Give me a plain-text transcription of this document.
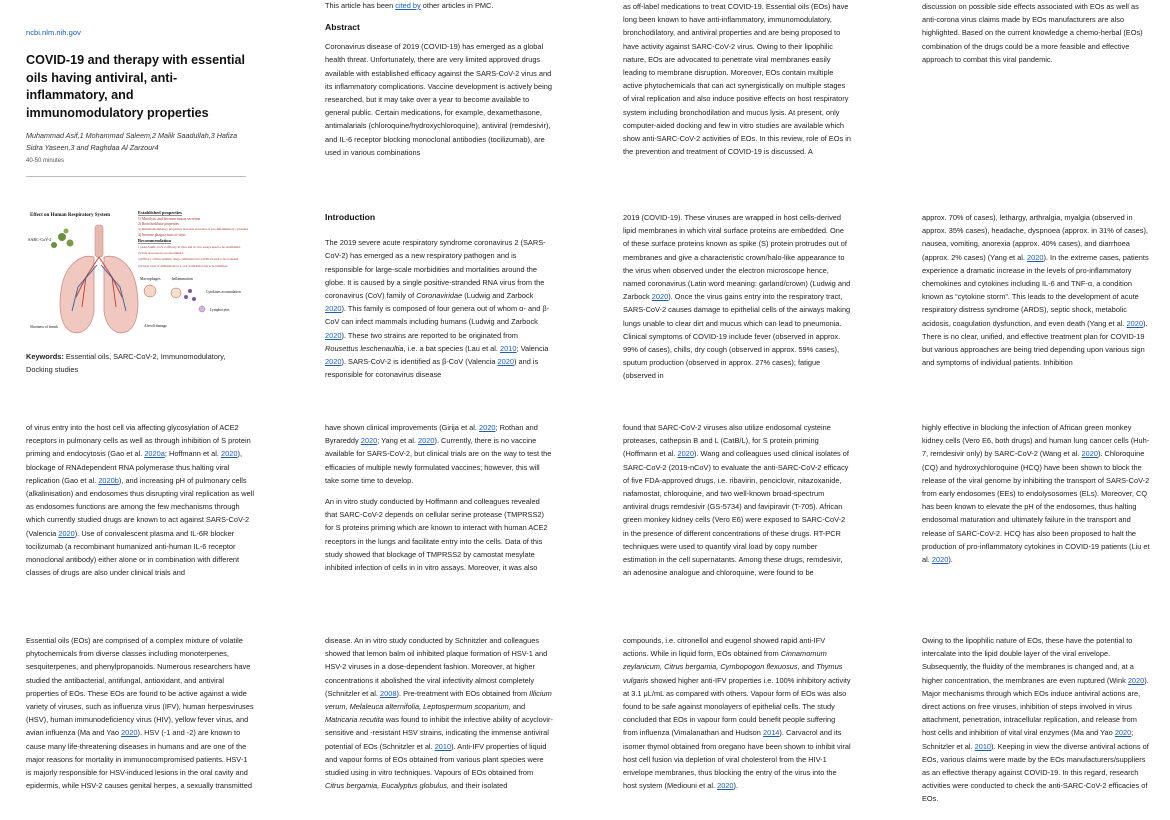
ncbi.nlm.nih.gov
COVID-19 and therapy with essential oils having antiviral, anti-inflammatory, and immunomodulatory properties
Muhammad Asif,1 Mohammad Saleem,2 Malik Saadullah,3 Hafiza Sidra Yaseen,3 and Raghdaa Al Zarzour4
40-50 minutes
Effect on Human Respiratory System
Established properties
1) Mucolytic and decrease mucus secretion
2) Bronchodilator properties
3) Immunomodulatory properties decrease secretion of pro-inflammatory cytokines
4) Increase phagocytosis of virus
Recommendation
1) Anti-SARC-CoV-2 efficacy in vitro and in vivo assays need to be established.
2) Safe dose need to be determined.
3) Efficacy of EOs-synthetic drugs combination in COVID-19 need to be evaluated.
4) Proper route of administration i.e. oral or inhalation has to be identified.
SARC-CoV-2
Macrophages	Inflammation
Cytokines accumulation
Lymphocytes
Shortness of breath	Alveoli damage
Keywords: Essential oils, SARC-CoV-2, Immunomodulatory, Docking studies

This article has been cited by other articles in PMC.

Abstract

Coronavirus disease of 2019 (COVID-19) has emerged as a global health threat. Unfortunately, there are very limited approved drugs available with established efficacy against the SARS-CoV-2 virus and its inflammatory complications. Vaccine development is actively being researched, but it may take over a year to become available to general public. Certain medications, for example, dexamethasone, antimalarials (chloroquine/hydroxychloroquine), antiviral (remdesivir), and IL-6 receptor blocking monoclonal antibodies (tocilizumab), are used in various combinations

as off-label medications to treat COVID-19. Essential oils (EOs) have long been known to have anti-inflammatory, immunomodulatory, bronchodilatory, and antiviral properties and are being proposed to have activity against SARC-CoV-2 virus. Owing to their lipophilic nature, EOs are advocated to penetrate viral membranes easily leading to membrane disruption. Moreover, EOs contain multiple active phytochemicals that can act synergistically on multiple stages of viral replication and also induce positive effects on host respiratory system including bronchodilation and mucus lysis. At present, only computer-aided docking and few in vitro studies are available which show anti-SARC-CoV-2 activities of EOs. In this review, role of EOs in the prevention and treatment of COVID-19 is discussed. A

discussion on possible side effects associated with EOs as well as anti-corona virus claims made by EOs manufacturers are also highlighted. Based on the current knowledge a chemo-herbal (EOs) combination of the drugs could be a more feasible and effective approach to combat this viral pandemic.

Introduction

The 2019 severe acute respiratory syndrome coronavirus 2 (SARS-CoV-2) has emerged as a new respiratory pathogen and is responsible for large-scale morbidities and mortalities around the globe. It is caused by a single positive-stranded RNA virus from the coronavirus (CoV) family of Coronaviridae (Ludwig and Zarbock 2020). This family is composed of four genera out of whom α- and β-CoV can infect mammals including humans (Ludwig and Zarbock 2020). These two strains are reported to be originated from Rousettus leschenaultia, i.e. a bat species (Lau et al. 2010; Valencia 2020). SARS-CoV-2 is identified as β-CoV (Valencia 2020) and is responsible for coronavirus disease

2019 (COVID-19). These viruses are wrapped in host cells-derived lipid membranes in which viral surface proteins are embedded. One of these surface proteins known as spike (S) protein protrudes out of membranes and give a characteristic crown/halo-like appearance to the virus when observed under the electron microscope hence, named coronavirus (Latin word meaning: garland/crown) (Ludwig and Zarbock 2020). Once the virus gains entry into the respiratory tract, SARS-CoV-2 causes damage to epithelial cells of the airways making lungs unable to clear dirt and mucus which can lead to pneumonia. Clinical symptoms of COVID-19 include fever (observed in approx. 99% of cases), chills, dry cough (observed in approx. 59% cases), sputum production (observed in approx. 27% cases); fatigue (observed in

approx. 70% of cases), lethargy, arthralgia, myalgia (observed in approx. 35% cases), headache, dyspnoea (approx. in 31% of cases), nausea, vomiting, anorexia (approx. 40% cases), and diarrhoea (approx. 2% cases) (Yang et al. 2020). In the extreme cases, patients experience a dramatic increase in the levels of pro-inflammatory chemokines and cytokines including IL-6 and TNF-α, a condition known as “cytokine storm”. This leads to the development of acute respiratory distress syndrome (ARDS), septic shock, metabolic acidosis, coagulation dysfunction, and even death (Yang et al. 2020). There is no clear, unified, and effective treatment plan for COVID-19 but various approaches are being tried depending upon various sign and symptoms of individual patients. Inhibition

of virus entry into the host cell via affecting glycosylation of ACE2 receptors in pulmonary cells as well as through inhibition of S protein priming and endocytosis (Gao et al. 2020a; Hoffmann et al. 2020), blockage of RNAdependent RNA polymerase thus halting viral replication (Gao et al. 2020b), and increasing pH of pulmonary cells (alkalinisation) and endosomes thus disrupting viral replication as well as endosomes functions are among the few mechanisms through which currently studied drugs are known to act against SARS-CoV-2 (Valencia 2020). Use of convalescent plasma and IL-6R blocker tocilizumab (a recombinant humanized anti-human IL-6 receptor monoclonal antibody) either alone or in combination with different classes of drugs are also under clinical trials and

have shown clinical improvements (Girija et al. 2020; Rothan and Byrareddy 2020; Yang et al. 2020). Currently, there is no vaccine available for SARS-CoV-2, but clinical trials are on the way to test the efficacies of multiple newly formulated vaccines; however, this will take some time to develop.

An in vitro study conducted by Hoffmann and colleagues revealed that SARC-CoV-2 depends on cellular serine protease (TMPRSS2) for S proteins priming which are known to interact with human ACE2 receptors in the lungs and facilitate entry into the cells. Data of this study showed that blockage of TMPRSS2 by camostat mesylate inhibited infection of cells in in vitro assays. Moreover, it was also

found that SARC-CoV-2 viruses also utilize endosomal cysteine proteases, cathepsin B and L (CatB/L), for S protein priming (Hoffmann et al. 2020). Wang and colleagues used clinical isolates of SARC-CoV-2 (2019-nCoV) to evaluate the anti-SARC-CoV-2 efficacy of five FDA-approved drugs, i.e. ribavirin, penciclovir, nitazoxanide, nafamostat, chloroquine, and two well-known broad-spectrum antiviral drugs remdesivir (GS-5734) and favipiravir (T-705). African green monkey kidney cells (Vero E6) were exposed to SARC-CoV-2 in the presence of different concentrations of these drugs. RT-PCR techniques were used to quantify viral load by copy number estimation in the cell supernatants. Among these drugs, remdesivir, an adenosine analogue and chloroquine, were found to be

highly effective in blocking the infection of African green monkey kidney cells (Vero E6, both drugs) and human lung cancer cells (Huh-7, remdesivir only) by SARC-CoV-2 (Wang et al. 2020). Chloroquine (CQ) and hydroxychloroquine (HCQ) have been shown to block the release of the viral genome by inhibiting the transport of SARS-CoV-2 from early endosomes (EEs) to endolysosomes (ELs). Moreover, CQ has been known to elevate the pH of the endosomes, thus halting endosomal maturation and ultimately failure in the transport and release of SARC-CoV-2. HCQ has also been proposed to halt the production of pro-inflammatory cytokines in COVID-19 patients (Liu et al. 2020).

Essential oils (EOs) are comprised of a complex mixture of volatile phytochemicals from diverse classes including monoterpenes, sesquiterpenes, and phenylpropanoids. Numerous researchers have studied the antibacterial, antifungal, antioxidant, and antiviral properties of EOs. These EOs are found to be active against a wide variety of viruses, such as influenza virus (IFV), human herpesviruses (HSV), human immunodeficiency virus (HIV), yellow fever virus, and avian influenza (Ma and Yao 2020). HSV (-1 and -2) are known to cause many life-threatening diseases in humans and are one of the major reasons for mortality in immunocompromised patients. HSV-1 is majorly responsible for HSV-induced lesions in the oral cavity and epidermis, while HSV-2 causes genital herpes, a sexually transmitted

disease. An in vitro study conducted by Schnitzler and colleagues showed that lemon balm oil inhibited plaque formation of HSV-1 and HSV-2 viruses in a dose-dependent fashion. Moreover, at higher concentrations it abolished the viral infectivity almost completely (Schnitzler et al. 2008). Pre-treatment with EOs obtained from Illicium verum, Melaleuca alternifolia, Leptospermum scoparium, and Matricaria recutita was found to inhibit the infective ability of acyclovir-sensitive and -resistant HSV strains, indicating the immense antiviral potential of EOs (Schnitzler et al. 2010). Anti-IFV properties of liquid and vapour forms of EOs obtained from various plant species were studied using in vitro techniques. Vapours of EOs obtained from Citrus bergamia, Eucalyptus globulus, and their isolated

compounds, i.e. citronellol and eugenol showed rapid anti-IFV actions. While in liquid form, EOs obtained from Cinnamomum zeylanicum, Citrus bergamia, Cymbopogon flexuosus, and Thymus vulgaris showed higher anti-IFV properties i.e. 100% inhibitory activity at 3.1 μL/mL as compared with others. Vapour form of EOs was also found to be safe against monolayers of epithelial cells. The study concluded that EOs in vapour form could benefit people suffering from influenza (Vimalanathan and Hudson 2014). Carvacrol and its isomer thymol obtained from oregano have been shown to inhibit viral host cell fusion via depletion of viral cholesterol from the HIV-1 envelope membranes, thus blocking the entry of the virus into the host system (Mediouni et al. 2020).

Owing to the lipophilic nature of EOs, these have the potential to intercalate into the lipid double layer of the viral envelope. Subsequently, the fluidity of the membranes is changed and, at a higher concentration, the membranes are even ruptured (Wink 2020). Major mechanisms through which EOs induce antiviral actions are, direct actions on free viruses, inhibition of steps involved in virus attachment, penetration, intracellular replication, and release from host cells and inhibition of vital viral enzymes (Ma and Yao 2020; Schnitzler et al. 2010). Keeping in view the diverse antiviral actions of EOs, various claims were made by the EOs manufacturers/suppliers as an effective therapy against COVID-19. In this regard, research activities were conducted to check the anti-SARC-CoV-2 efficacies of EOs.
